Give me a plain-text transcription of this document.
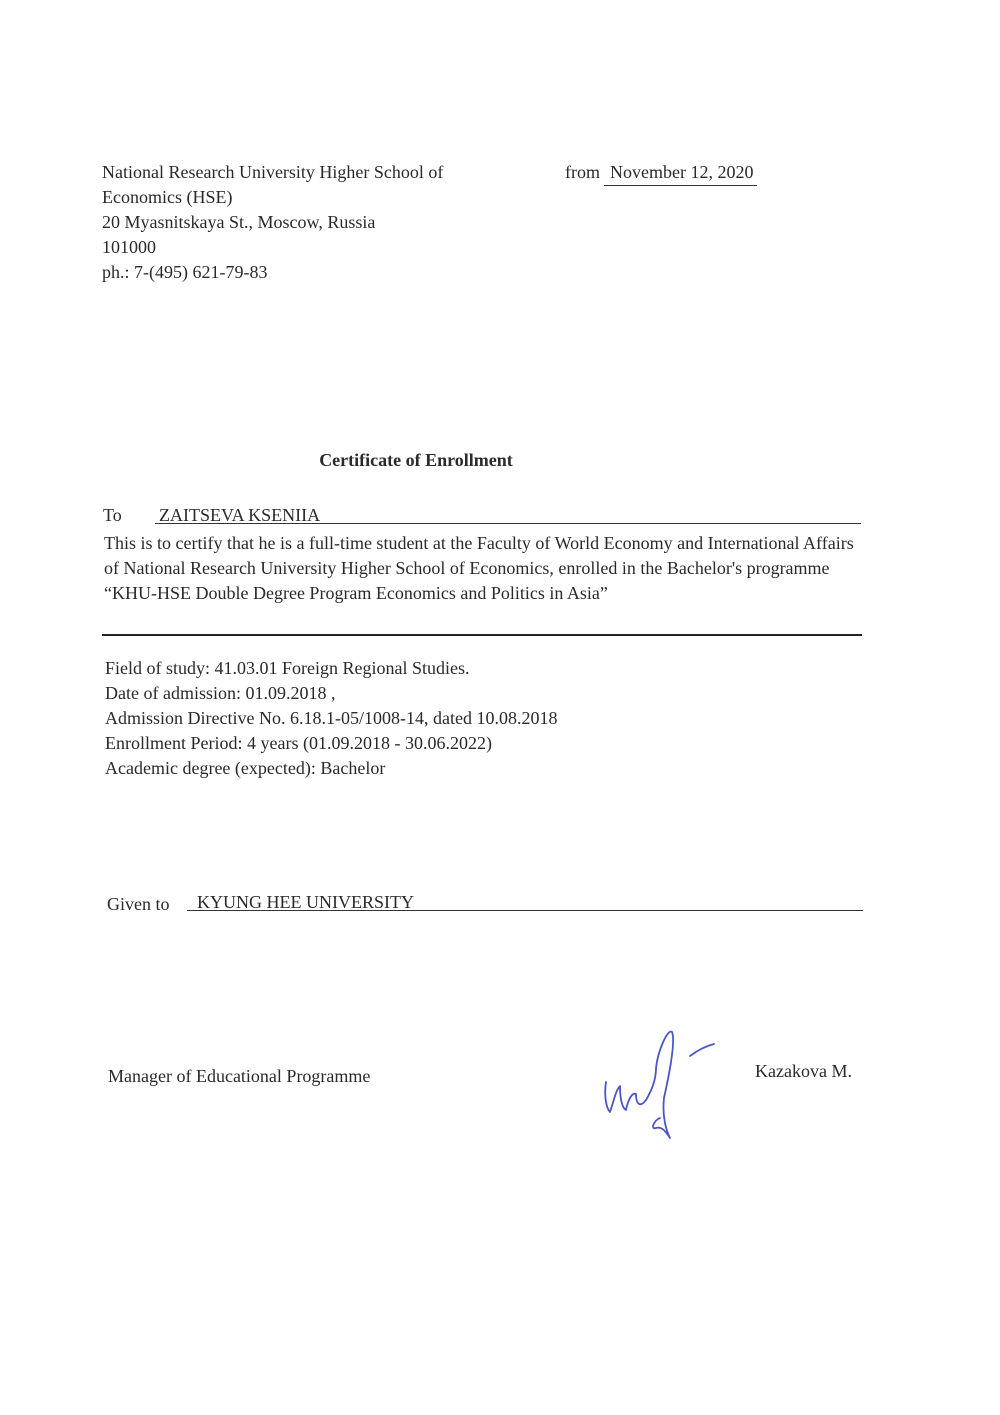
National Research University Higher School of
Economics (HSE)
20 Myasnitskaya St., Moscow, Russia
101000
ph.: 7-(495) 621-79-83
from November 12, 2020
Certificate of Enrollment
To ZAITSEVA KSENIIA
This is to certify that he is a full-time student at the Faculty of World Economy and International Affairs of National Research University Higher School of Economics, enrolled in the Bachelor's programme “KHU-HSE Double Degree Program Economics and Politics in Asia”
Field of study: 41.03.01 Foreign Regional Studies.
Date of admission: 01.09.2018 ,
Admission Directive No. 6.18.1-05/1008-14, dated 10.08.2018
Enrollment Period: 4 years (01.09.2018 - 30.06.2022)
Academic degree (expected): Bachelor
Given to	KYUNG HEE UNIVERSITY
Manager of Educational Programme	Kazakova M.
